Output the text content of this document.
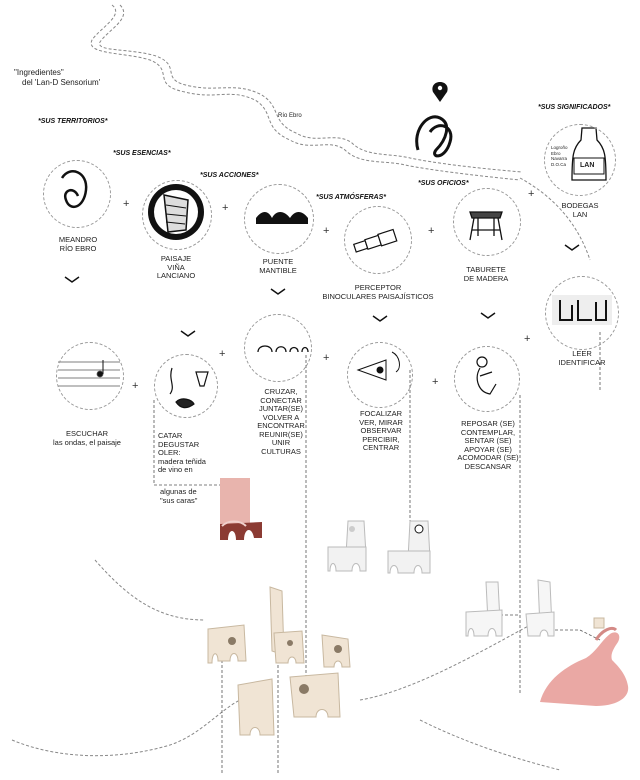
"Ingredientes"
del 'Lan-D Sensorium'
Río Ebro
*SUS TERRITORIOS*
*SUS ESENCIAS*
*SUS ACCIONES*
*SUS ATMÓSFERAS*
*SUS OFICIOS*
*SUS SIGNIFICADOS*
Logroño
Ebro
Navarra
D.O.Ca LAN
MEANDRO
RÍO EBRO
PAISAJE
VIÑA
LANCIANO
PUENTE
MANTIBLE
PERCEPTOR
BINOCULARES PAISAJÍSTICOS
TABURETE
DE MADERA
BODEGAS
LAN
+	+
+	+
+
LEER
IDENTIFICAR
+
+
+	+
+
ESCUCHAR
las ondas, el paisaje
CATAR
DEGUSTAR
OLER:
madera teñida
de vino en
algunas de
"sus caras"
CRUZAR,
CONECTAR
JUNTAR(SE)
VOLVER A
ENCONTRAR
REUNIR(SE)
UNIR
CULTURAS
FOCALIZAR
VER, MIRAR
OBSERVAR
PERCIBIR,
CENTRAR
REPOSAR (SE)
CONTEMPLAR,
SENTAR (SE)
APOYAR (SE)
ACOMODAR (SE)
DESCANSAR
